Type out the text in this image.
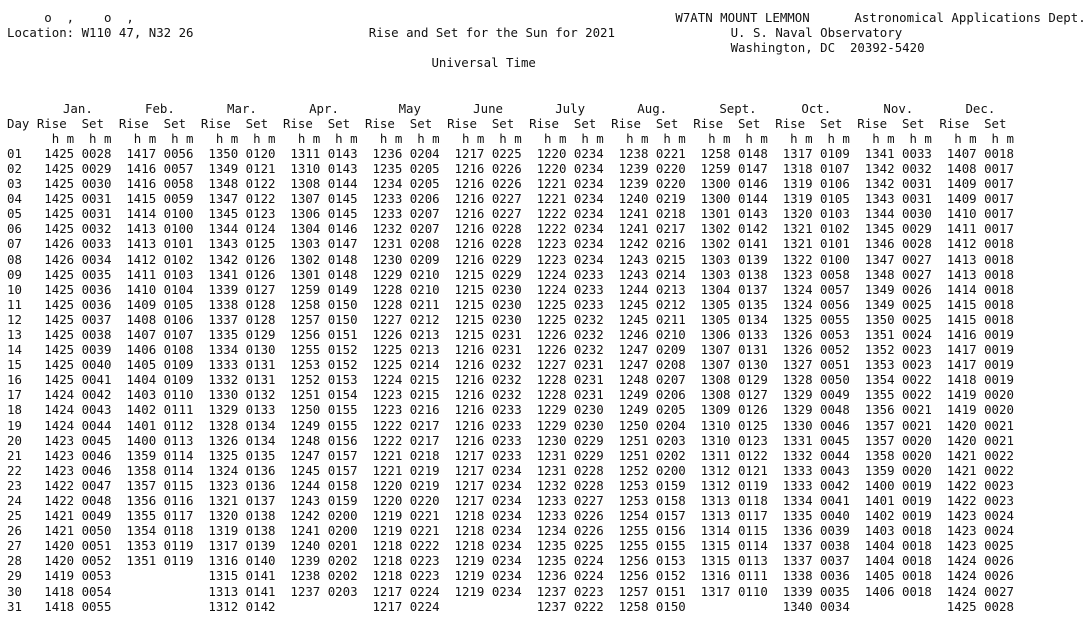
o  ,    o  ,	W7ATN MOUNT LEMMON	Astronomical Applications Dept.
Location: W110 47, N32 26	Rise and Set for the Sun for 2021	U. S. Naval Observatory
Washington, DC  20392-5420
Universal Time

Jan.   Feb.   Mar.   Apr.    May   June   July   Aug.   Sept.   Oct.   Nov.   Dec.
Day Rise Set Rise Set Rise Set Rise Set Rise Set Rise Set Rise Set Rise Set Rise Set Rise Set Rise Set Rise Set
h m  h m  h m  h m  h m  h m  h m  h m  h m  h m  h m  h m  h m  h m  h m  h m  h m  h m  h m  h m  h m  h m  h m  h m
01 1425 0028 1417 0056 1350 0120 1311 0143 1236 0204 1217 0225 1220 0234 1238 0221 1258 0148 1317 0109 1341 0033 1407 0018
02 1425 0029 1416 0057 1349 0121 1310 0143 1235 0205 1216 0226 1220 0234 1239 0220 1259 0147 1318 0107 1342 0032 1408 0017
03 1425 0030 1416 0058 1348 0122 1308 0144 1234 0205 1216 0226 1221 0234 1239 0220 1300 0146 1319 0106 1342 0031 1409 0017
04 1425 0031 1415 0059 1347 0122 1307 0145 1233 0206 1216 0227 1221 0234 1240 0219 1300 0144 1319 0105 1343 0031 1409 0017
05 1425 0031 1414 0100 1345 0123 1306 0145 1233 0207 1216 0227 1222 0234 1241 0218 1301 0143 1320 0103 1344 0030 1410 0017
06 1425 0032 1413 0100 1344 0124 1304 0146 1232 0207 1216 0228 1222 0234 1241 0217 1302 0142 1321 0102 1345 0029 1411 0017
07 1426 0033 1413 0101 1343 0125 1303 0147 1231 0208 1216 0228 1223 0234 1242 0216 1302 0141 1321 0101 1346 0028 1412 0018
08 1426 0034 1412 0102 1342 0126 1302 0148 1230 0209 1216 0229 1223 0234 1243 0215 1303 0139 1322 0100 1347 0027 1413 0018
09 1425 0035 1411 0103 1341 0126 1301 0148 1229 0210 1215 0229 1224 0233 1243 0214 1303 0138 1323 0058 1348 0027 1413 0018
10 1425 0036 1410 0104 1339 0127 1259 0149 1228 0210 1215 0230 1224 0233 1244 0213 1304 0137 1324 0057 1349 0026 1414 0018
11 1425 0036 1409 0105 1338 0128 1258 0150 1228 0211 1215 0230 1225 0233 1245 0212 1305 0135 1324 0056 1349 0025 1415 0018
12 1425 0037 1408 0106 1337 0128 1257 0150 1227 0212 1215 0230 1225 0232 1245 0211 1305 0134 1325 0055 1350 0025 1415 0018
13 1425 0038 1407 0107 1335 0129 1256 0151 1226 0213 1215 0231 1226 0232 1246 0210 1306 0133 1326 0053 1351 0024 1416 0019
14 1425 0039 1406 0108 1334 0130 1255 0152 1225 0213 1216 0231 1226 0232 1247 0209 1307 0131 1326 0052 1352 0023 1417 0019
15 1425 0040 1405 0109 1333 0131 1253 0152 1225 0214 1216 0232 1227 0231 1247 0208 1307 0130 1327 0051 1353 0023 1417 0019
16 1425 0041 1404 0109 1332 0131 1252 0153 1224 0215 1216 0232 1228 0231 1248 0207 1308 0129 1328 0050 1354 0022 1418 0019
17 1424 0042 1403 0110 1330 0132 1251 0154 1223 0215 1216 0232 1228 0231 1249 0206 1308 0127 1329 0049 1355 0022 1419 0020
18 1424 0043 1402 0111 1329 0133 1250 0155 1223 0216 1216 0233 1229 0230 1249 0205 1309 0126 1329 0048 1356 0021 1419 0020
19 1424 0044 1401 0112 1328 0134 1249 0155 1222 0217 1216 0233 1229 0230 1250 0204 1310 0125 1330 0046 1357 0021 1420 0021
20 1423 0045 1400 0113 1326 0134 1248 0156 1222 0217 1216 0233 1230 0229 1251 0203 1310 0123 1331 0045 1357 0020 1420 0021
21 1423 0046 1359 0114 1325 0135 1247 0157 1221 0218 1217 0233 1231 0229 1251 0202 1311 0122 1332 0044 1358 0020 1421 0022
22 1423 0046 1358 0114 1324 0136 1245 0157 1221 0219 1217 0234 1231 0228 1252 0200 1312 0121 1333 0043 1359 0020 1421 0022
23 1422 0047 1357 0115 1323 0136 1244 0158 1220 0219 1217 0234 1232 0228 1253 0159 1312 0119 1333 0042 1400 0019 1422 0023
24 1422 0048 1356 0116 1321 0137 1243 0159 1220 0220 1217 0234 1233 0227 1253 0158 1313 0118 1334 0041 1401 0019 1422 0023
25 1421 0049 1355 0117 1320 0138 1242 0200 1219 0221 1218 0234 1233 0226 1254 0157 1313 0117 1335 0040 1402 0019 1423 0024
26 1421 0050 1354 0118 1319 0138 1241 0200 1219 0221 1218 0234 1234 0226 1255 0156 1314 0115 1336 0039 1403 0018 1423 0024
27 1420 0051 1353 0119 1317 0139 1240 0201 1218 0222 1218 0234 1235 0225 1255 0155 1315 0114 1337 0038 1404 0018 1423 0025
28 1420 0052 1351 0119 1316 0140 1239 0202 1218 0223 1219 0234 1235 0224 1256 0153 1315 0113 1337 0037 1404 0018 1424 0026
29 1419 0053	1315 0141 1238 0202 1218 0223 1219 0234 1236 0224 1256 0152 1316 0111 1338 0036 1405 0018 1424 0026
30 1418 0054	1313 0141 1237 0203 1217 0224 1219 0234 1237 0223 1257 0151 1317 0110 1339 0035 1406 0018 1424 0027
31 1418 0055	1312 0142	1217 0224	1237 0222 1258 0150	1340 0034	1425 0028
